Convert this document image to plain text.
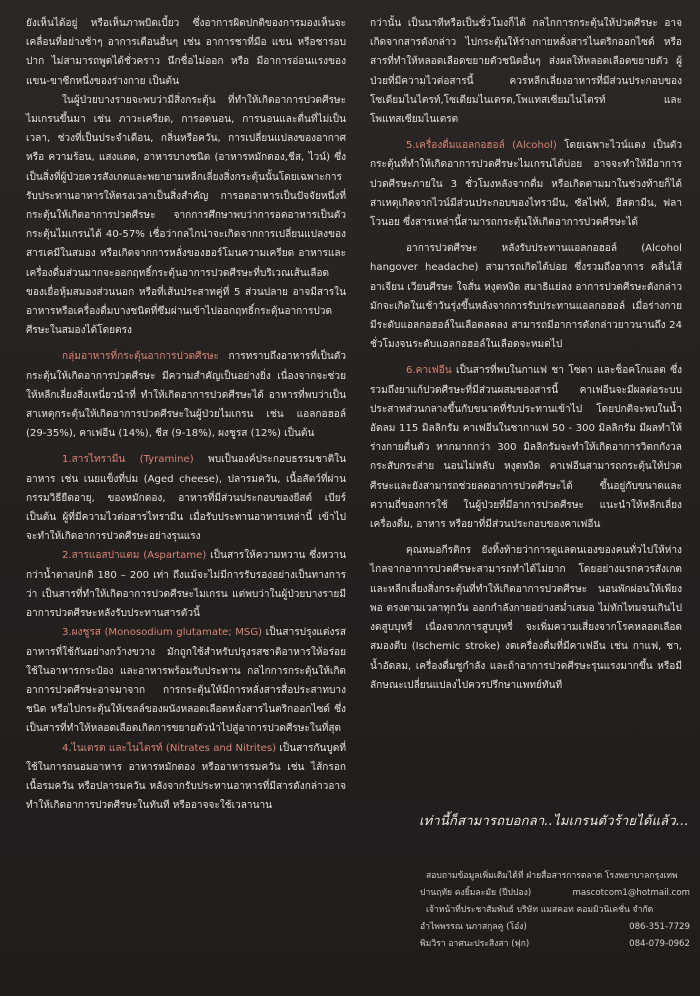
ยังเห็นได้อยู่ หรือเห็นภาพบิดเบี้ยว ซึ่งอาการผิดปกติของการมองเห็นจะเคลื่อนที่อย่างช้าๆ อาการเตือนอื่นๆ เช่น อาการชาที่มือ แขน หรือชารอบปาก ไม่สามารถพูดได้ชั่วคราว นึกชื่อไม่ออก หรือ มีอาการอ่อนแรงของแขน-ขาซีกหนึ่งของร่างกาย เป็นต้น

ในผู้ป่วยบางรายจะพบว่ามีสิ่งกระตุ้น ที่ทำให้เกิดอาการปวดศีรษะไมเกรนขึ้นมา เช่น ภาวะเครียด, การอดนอน, การนอนและตื่นที่ไม่เป็นเวลา, ช่วงที่เป็นประจำเดือน, กลิ่นหรือควัน, การเปลี่ยนแปลงของอากาศ หรือ ความร้อน, แสงแดด, อาหารบางชนิด (อาหารหมักดอง,ชีส, ไวน์) ซึ่งเป็นสิ่งที่ผู้ป่วยควรสังเกตและพยายามหลีกเลี่ยงสิ่งกระตุ้นนั้นโดยเฉพาะการรับประทานอาหารให้ตรงเวลาเป็นสิ่งสำคัญ การอดอาหารเป็นปัจจัยหนึ่งที่กระตุ้นให้เกิดอาการปวดศีรษะ จากการศึกษาพบว่าการอดอาหารเป็นตัวกระตุ้นไมเกรนได้ 40-57% เชื่อว่ากลไกน่าจะเกิดจากการเปลี่ยนแปลงของสารเคมีในสมอง หรือเกิดจากการหลั่งของฮอร์โมนความเครียด อาหารและเครื่องดื่มส่วนมากจะออกฤทธิ์กระตุ้นอาการปวดศีรษะที่บริเวณเส้นเลือดของเยื่อหุ้มสมองส่วนนอก หรือที่เส้นประสาทคู่ที่ 5 ส่วนปลาย อาจมีสารในอาหารหรือเครื่องดื่มบางชนิดที่ซึมผ่านเข้าไปออกฤทธิ์กระตุ้นอาการปวดศีรษะในสมองได้โดยตรง

กลุ่มอาหารที่กระตุ้นอาการปวดศีรษะ การทราบถึงอาหารที่เป็นตัวกระตุ้นให้เกิดอาการปวดศีรษะ มีความสำคัญเป็นอย่างยิ่ง เนื่องจากจะช่วยให้หลีกเลี่ยงสิ่งเหนี่ยวนำที่ ทำให้เกิดอาการปวดศีรษะได้ อาหารที่พบว่าเป็นสาเหตุกระตุ้นให้เกิดอาการปวดศีรษะในผู้ป่วยไมเกรน เช่น แอลกอฮอล์ (29-35%), คาเฟอีน (14%), ชีส (9-18%), ผงชูรส (12%) เป็นต้น

1.สารไทรามีน (Tyramine) พบเป็นองค์ประกอบธรรมชาติในอาหาร เช่น เนยแข็งที่บ่ม (Aged cheese), ปลารมควัน, เนื้อสัตว์ที่ผ่านกรรมวิธียืดอายุ, ของหมักดอง, อาหารที่มีส่วนประกอบของยีสต์ เบียร์ เป็นต้น ผู้ที่มีความไวต่อสารไทรามีน เมื่อรับประทานอาหารเหล่านี้ เข้าไปจะทำให้เกิดอาการปวดศีรษะอย่างรุนแรง

2.สารแอสปาแตม (Aspartame) เป็นสารให้ความหวาน ซึ่งหวานกว่าน้ำตาลปกติ 180 – 200 เท่า ถึงแม้จะไม่มีการรับรองอย่างเป็นทางการว่า เป็นสารที่ทำให้เกิดอาการปวดศีรษะไมเกรน แต่พบว่าในผู้ป่วยบางรายมีอาการปวดศีรษะหลังรับประทานสารตัวนี้

3.ผงชูรส (Monosodium glutamate; MSG) เป็นสารปรุงแต่งรสอาหารที่ใช้กันอย่างกว้างขวาง มักถูกใช้สำหรับปรุงรสชาติอาหารให้อร่อย ใช้ในอาหารกระป๋อง และอาหารพร้อมรับประทาน กลไกการกระตุ้นให้เกิดอาการปวดศีรษะอาจมาจาก การกระตุ้นให้มีการหลั่งสารสื่อประสาทบางชนิด หรือไปกระตุ้นให้เซลล์ของผนังหลอดเลือดหลั่งสารไนตริกออกไซด์ ซึ่งเป็นสารที่ทำให้หลอดเลือดเกิดการขยายตัวนำไปสู่อาการปวดศีรษะในที่สุด

4.ไนเตรต และไนไตรท์ (Nitrates and Nitrites) เป็นสารกันบูดที่ใช้ในการถนอมอาหาร อาหารหมักดอง หรืออาหารรมควัน เช่น ไส้กรอก เนื้อรมควัน หรือปลารมควัน หลังจากรับประทานอาหารที่มีสารดังกล่าวอาจทำให้เกิดอาการปวดศีรษะในทันที หรืออาจจะใช้เวลานาน

กว่านั้น เป็นนาทีหรือเป็นชั่วโมงก็ได้ กลไกการกระตุ้นให้ปวดศีรษะ อาจเกิดจากสารดังกล่าว ไปกระตุ้นให้ร่างกายหลั่งสารไนตริกออกไซด์ หรือสารที่ทำให้หลอดเลือดขยายตัวชนิดอื่นๆ ส่งผลให้หลอดเลือดขยายตัว ผู้ป่วยที่มีความไวต่อสารนี้ ควรหลีกเลี่ยงอาหารที่มีส่วนประกอบของโซเดียมไนไตรท์,โซเดียมไนเตรต,โพแทสเซียมไนไตรท์ และ โพแทสเซียมไนเตรต

5.เครื่องดื่มแอลกอฮอล์ (Alcohol) โดยเฉพาะไวน์แดง เป็นตัวกระตุ้นที่ทำให้เกิดอาการปวดศีรษะไมเกรนได้บ่อย อาจจะทำให้มีอาการปวดศีรษะภายใน 3 ชั่วโมงหลังจากดื่ม หรือเกิดตามมาในช่วงท้ายก็ได้ สาเหตุเกิดจากไวน์มีส่วนประกอบของไทรามีน, ซัลไฟท์, ฮีสตามีน, ฟลาโวนอย ซึ่งสารเหล่านี้สามารถกระตุ้นให้เกิดอาการปวดศีรษะได้

อาการปวดศีรษะ หลังรับประทานแอลกอฮอล์ (Alcohol hangover headache) สามารถเกิดได้บ่อย ซึ่งรวมถึงอาการ คลื่นไส้อาเจียน เวียนศีรษะ ใจสั่น หงุดหงิด สมาธิแย่ลง อาการปวดศีรษะดังกล่าวมักจะเกิดในเช้าวันรุ่งขึ้นหลังจากการรับประทานแอลกอฮอล์ เมื่อร่างกายมีระดับแอลกอฮอล์ในเลือดลดลง สามารถมีอาการดังกล่าวยาวนานถึง 24 ชั่วโมงจนระดับแอลกอฮอล์ในเลือดจะหมดไป

6.คาเฟอีน เป็นสารที่พบในกาแฟ ชา โซดา และช็อคโกแลต ซึ่งรวมถึงยาแก้ปวดศีรษะที่มีส่วนผสมของสารนี้ คาเฟอีนจะมีผลต่อระบบประสาทส่วนกลางขึ้นกับขนาดที่รับประทานเข้าไป โดยปกติจะพบในน้ำอัดลม 115 มิลลิกรัม คาเฟอีนในชากาแฟ 50 - 300 มิลลิกรัม มีผลทำให้ร่างกายตื่นตัว หากมากกว่า 300 มิลลิกรัมจะทำให้เกิดอาการวิตกกังวล กระสับกระส่าย นอนไม่หลับ หงุดหงิด คาเฟอีนสามารถกระตุ้นให้ปวดศีรษะและยังสามารถช่วยลดอาการปวดศีรษะได้ ขึ้นอยู่กับขนาดและความถี่ของการใช้ ในผู้ป่วยที่มีอาการปวดศีรษะ แนะนำให้หลีกเลี่ยงเครื่องดื่ม, อาหาร หรือยาที่มีส่วนประกอบของคาเฟอีน

คุณหมอกีรติกร ยังทิ้งท้ายว่าการดูแลตนเองของคนทั่วไปให้ห่างไกลจากอาการปวดศีรษะสามารถทำได้ไม่ยาก โดยอย่างแรกควรสังเกตและหลีกเลี่ยงสิ่งกระตุ้นที่ทำให้เกิดอาการปวดศีรษะ นอนพักผ่อนให้เพียงพอ ตรงตามเวลาทุกวัน ออกกำลังกายอย่างสม่ำเสมอ ไม่ทักไทมจนเกินไป งดสูบบุหรี่ เนื่องจากการสูบบุหรี่ จะเพิ่มความเสี่ยงจากโรคหลอดเลือดสมองตีบ (Ischemic stroke) งดเครื่องดื่มที่มีคาเฟอีน เช่น กาแฟ, ชา, น้ำอัดลม, เครื่องดื่มชูกำลัง และถ้าอาการปวดศีรษะรุนแรงมากขึ้น หรือมีลักษณะเปลี่ยนแปลงไปควรปรึกษาแพทย์ทันที

เท่านี้ก็สามารถบอกลา..ไมเกรนตัวร้ายได้แล้ว...
สอบถามข้อมูลเพิ่มเติมได้ที่ ฝ่ายสื่อสารการตลาด โรงพยาบาลกรุงเทพ
ปานฤทัย คงยิ้มละมัย (ปีปปอง)	mascotcom1@hotmail.com
เจ้าหน้าที่ประชาสัมพันธ์ บริษัท แมสคอท คอมมิวนิเคชั่น จำกัด
อำไพพรรณ นภาสกุลคู (โอ๋ง)	086-351-7729
พิมวิรา อาศนะประสิงสา (ฟุก)	084-079-0962
